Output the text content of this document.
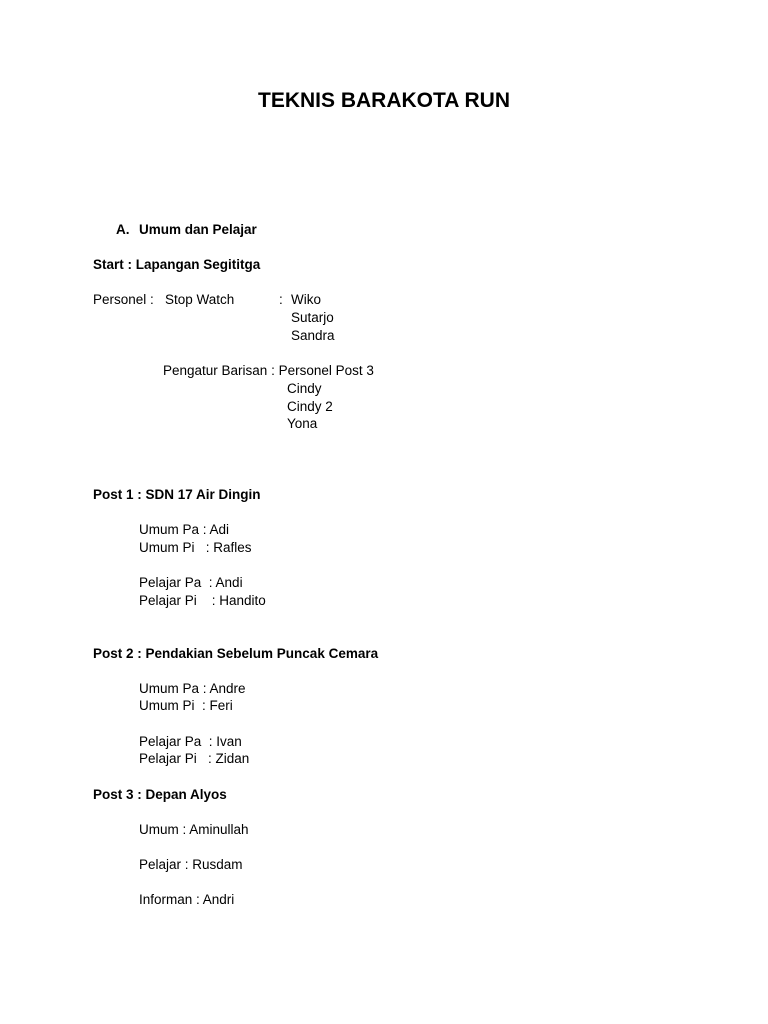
TEKNIS BARAKOTA RUN
A. Umum dan Pelajar
Start : Lapangan Segititga
Personel : Stop Watch	: Wiko
Sutarjo
Sandra
Pengatur Barisan : Personel Post 3
Cindy
Cindy 2
Yona
Post 1 : SDN 17 Air Dingin
Umum Pa : Adi
Umum Pi   : Rafles
Pelajar Pa  : Andi
Pelajar Pi    : Handito
Post 2 : Pendakian Sebelum Puncak Cemara
Umum Pa : Andre
Umum Pi  : Feri
Pelajar Pa  : Ivan
Pelajar Pi   : Zidan
Post 3 : Depan Alyos
Umum : Aminullah
Pelajar : Rusdam
Informan : Andri
